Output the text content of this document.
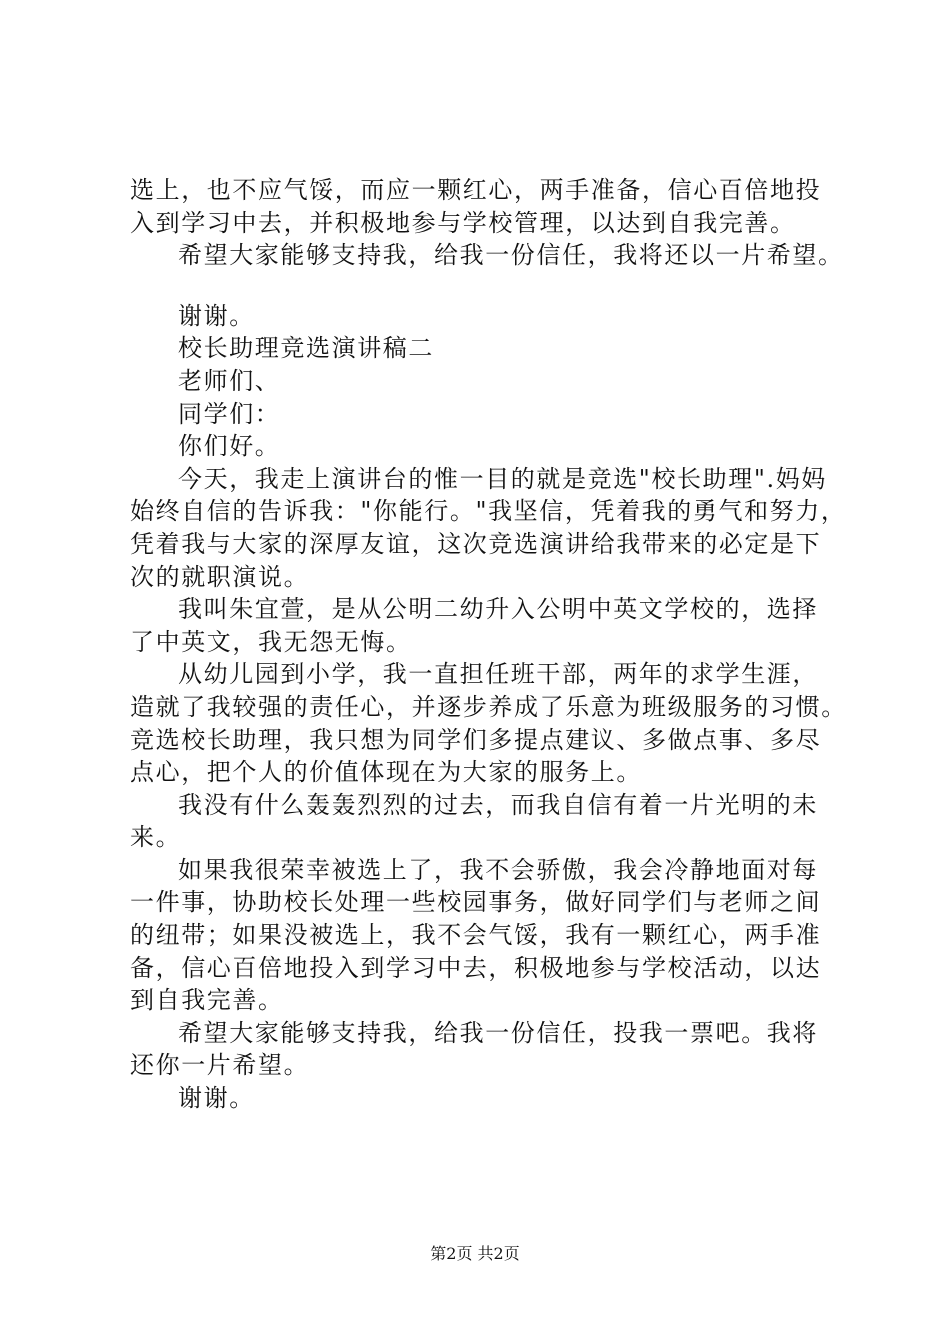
选上，也不应气馁，而应一颗红心，两手准备，信心百倍地投
入到学习中去，并积极地参与学校管理，以达到自我完善。
希望大家能够支持我，给我一份信任，我将还以一片希望。
谢谢。
校长助理竞选演讲稿二
老师们、
同学们：
你们好。
今天，我走上演讲台的惟一目的就是竞选"校长助理".妈妈
始终自信的告诉我："你能行。"我坚信，凭着我的勇气和努力，
凭着我与大家的深厚友谊，这次竞选演讲给我带来的必定是下
次的就职演说。
我叫朱宜萱，是从公明二幼升入公明中英文学校的，选择
了中英文，我无怨无悔。
从幼儿园到小学，我一直担任班干部，两年的求学生涯，
造就了我较强的责任心，并逐步养成了乐意为班级服务的习惯。
竞选校长助理，我只想为同学们多提点建议、多做点事、多尽
点心，把个人的价值体现在为大家的服务上。
我没有什么轰轰烈烈的过去，而我自信有着一片光明的未
来。
如果我很荣幸被选上了，我不会骄傲，我会冷静地面对每
一件事，协助校长处理一些校园事务，做好同学们与老师之间
的纽带；如果没被选上，我不会气馁，我有一颗红心，两手准
备，信心百倍地投入到学习中去，积极地参与学校活动，以达
到自我完善。
希望大家能够支持我，给我一份信任，投我一票吧。我将
还你一片希望。
谢谢。
第2页 共2页
